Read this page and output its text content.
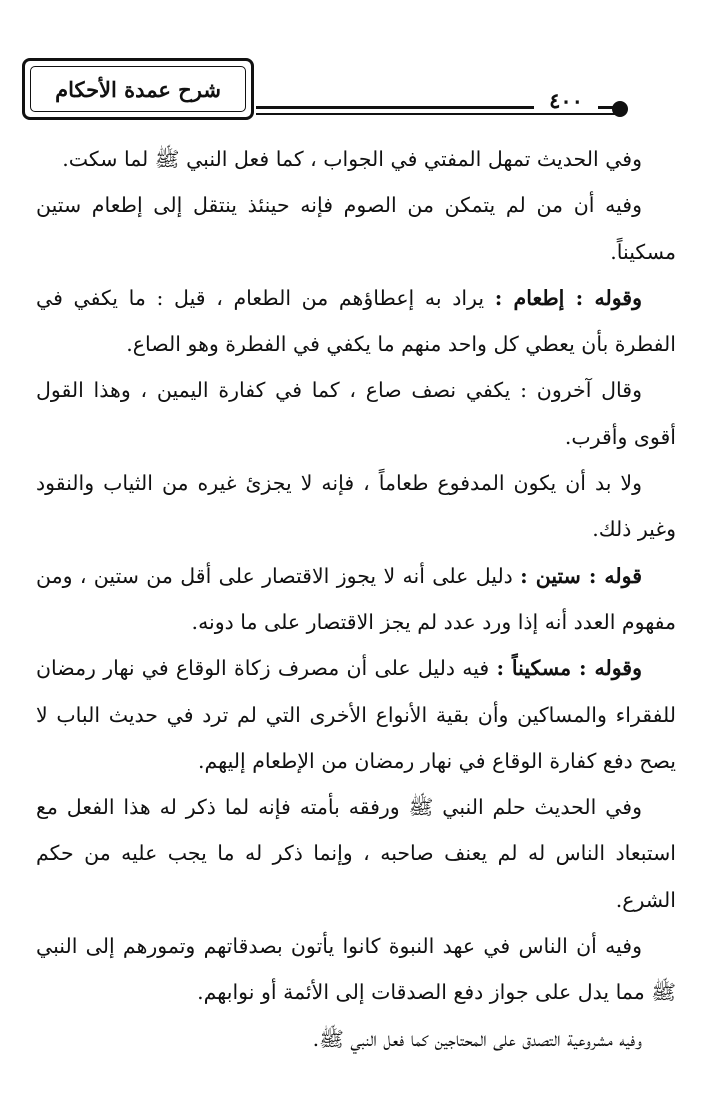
شرح عمدة الأحكام	٤٠٠

وفي الحديث تمهل المفتي في الجواب ، كما فعل النبي ﷺ لما سكت.

وفيه أن من لم يتمكن من الصوم فإنه حينئذ ينتقل إلى إطعام ستين مسكيناً.

وقوله : إطعام : يراد به إعطاؤهم من الطعام ، قيل : ما يكفي في الفطرة بأن يعطي كل واحد منهم ما يكفي في الفطرة وهو الصاع.

وقال آخرون : يكفي نصف صاع ، كما في كفارة اليمين ، وهذا القول أقوى وأقرب.

ولا بد أن يكون المدفوع طعاماً ، فإنه لا يجزئ غيره من الثياب والنقود وغير ذلك.

قوله : ستين : دليل على أنه لا يجوز الاقتصار على أقل من ستين ، ومن مفهوم العدد أنه إذا ورد عدد لم يجز الاقتصار على ما دونه.

وقوله : مسكيناً : فيه دليل على أن مصرف زكاة الوقاع في نهار رمضان للفقراء والمساكين وأن بقية الأنواع الأخرى التي لم ترد في حديث الباب لا يصح دفع كفارة الوقاع في نهار رمضان من الإطعام إليهم.

وفي الحديث حلم النبي ﷺ ورفقه بأمته فإنه لما ذكر له هذا الفعل مع استبعاد الناس له لم يعنف صاحبه ، وإنما ذكر له ما يجب عليه من حكم الشرع.

وفيه أن الناس في عهد النبوة كانوا يأتون بصدقاتهم وتمورهم إلى النبي ﷺ مما يدل على جواز دفع الصدقات إلى الأئمة أو نوابهم.

وفيه مشروعية التصدق على المحتاجين كما فعل النبي ﷺ.
